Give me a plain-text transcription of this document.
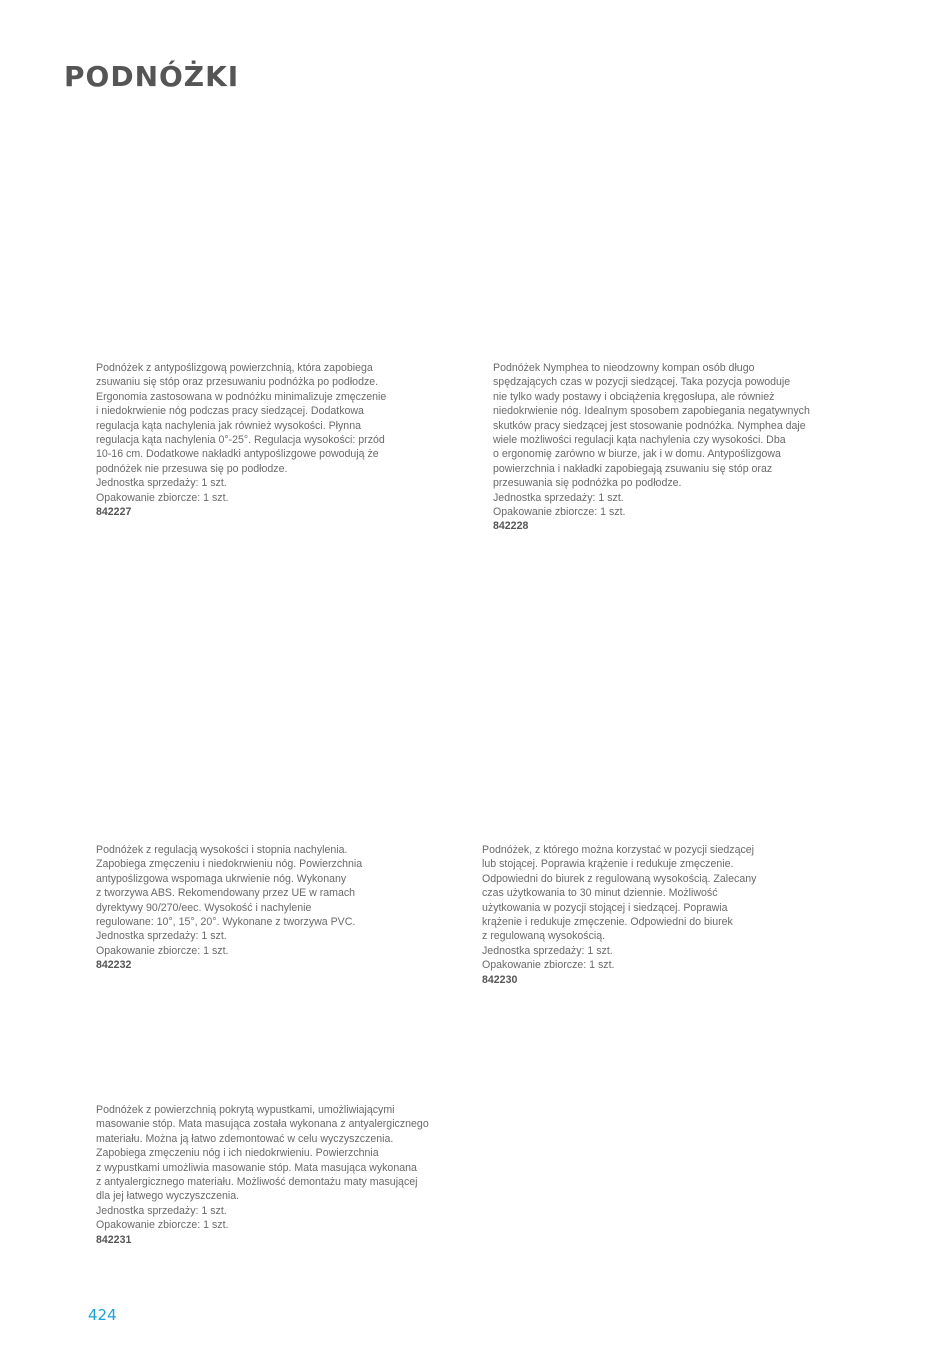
PODNÓŻKI
Podnóżek z antypoślizgową powierzchnią, która zapobiega
zsuwaniu się stóp oraz przesuwaniu podnóżka po podłodze.
Ergonomia zastosowana w podnóżku minimalizuje zmęczenie
i niedokrwienie nóg podczas pracy siedzącej. Dodatkowa
regulacja kąta nachylenia jak również wysokości. Płynna
regulacja kąta nachylenia 0°-25°. Regulacja wysokości: przód
10-16 cm. Dodatkowe nakładki antypoślizgowe powodują że
podnóżek nie przesuwa się po podłodze.
Jednostka sprzedaży: 1 szt.
Opakowanie zbiorcze: 1 szt.
842227
Podnóżek Nymphea to nieodzowny kompan osób długo
spędzających czas w pozycji siedzącej. Taka pozycja powoduje
nie tylko wady postawy i obciążenia kręgosłupa, ale również
niedokrwienie nóg. Idealnym sposobem zapobiegania negatywnych
skutków pracy siedzącej jest stosowanie podnóżka. Nymphea daje
wiele możliwości regulacji kąta nachylenia czy wysokości. Dba
o ergonomię zarówno w biurze, jak i w domu. Antypoślizgowa
powierzchnia i nakładki zapobiegają zsuwaniu się stóp oraz
przesuwania się podnóżka po podłodze.
Jednostka sprzedaży: 1 szt.
Opakowanie zbiorcze: 1 szt.
842228
Podnóżek z regulacją wysokości i stopnia nachylenia.
Zapobiega zmęczeniu i niedokrwieniu nóg. Powierzchnia
antypoślizgowa wspomaga ukrwienie nóg. Wykonany
z tworzywa ABS. Rekomendowany przez UE w ramach
dyrektywy 90/270/eec. Wysokość i nachylenie
regulowane: 10°, 15°, 20°. Wykonane z tworzywa PVC.
Jednostka sprzedaży: 1 szt.
Opakowanie zbiorcze: 1 szt.
842232
Podnóżek, z którego można korzystać w pozycji siedzącej
lub stojącej. Poprawia krążenie i redukuje zmęczenie.
Odpowiedni do biurek z regulowaną wysokością. Zalecany
czas użytkowania to 30 minut dziennie. Możliwość
użytkowania w pozycji stojącej i siedzącej. Poprawia
krążenie i redukuje zmęczenie. Odpowiedni do biurek
z regulowaną wysokością.
Jednostka sprzedaży: 1 szt.
Opakowanie zbiorcze: 1 szt.
842230
Podnóżek z powierzchnią pokrytą wypustkami, umożliwiającymi
masowanie stóp. Mata masująca została wykonana z antyalergicznego
materiału. Można ją łatwo zdemontować w celu wyczyszczenia.
Zapobiega zmęczeniu nóg i ich niedokrwieniu. Powierzchnia
z wypustkami umożliwia masowanie stóp. Mata masująca wykonana
z antyalergicznego materiału. Możliwość demontażu maty masującej
dla jej łatwego wyczyszczenia.
Jednostka sprzedaży: 1 szt.
Opakowanie zbiorcze: 1 szt.
842231
424
